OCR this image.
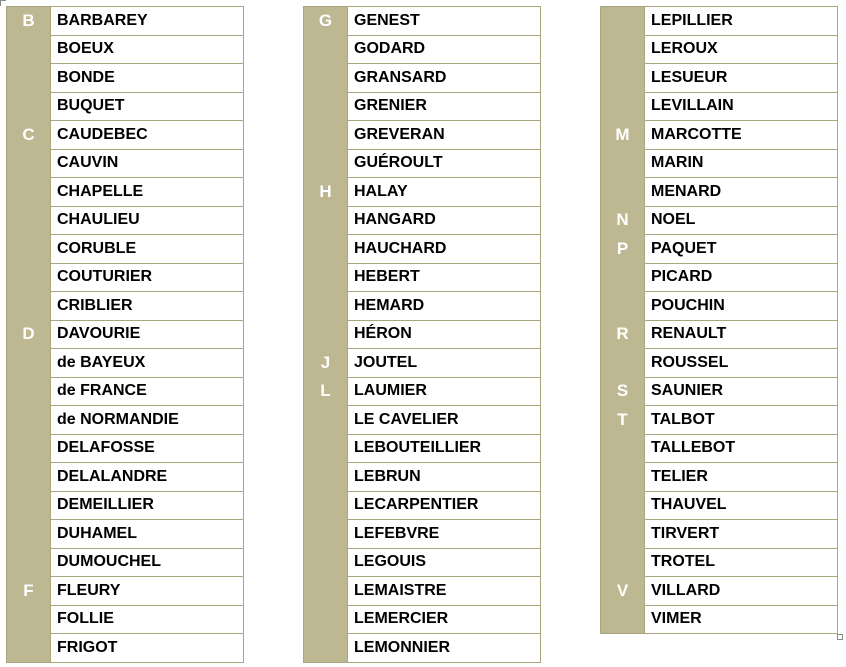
B	BARBAREY
BOEUX
BONDE
BUQUET
C	CAUDEBEC
CAUVIN
CHAPELLE
CHAULIEU
CORUBLE
COUTURIER
CRIBLIER
D	DAVOURIE
de BAYEUX
de FRANCE
de NORMANDIE
DELAFOSSE
DELALANDRE
DEMEILLIER
DUHAMEL
DUMOUCHEL
F	FLEURY
FOLLIE
FRIGOT
G	GENEST
GODARD
GRANSARD
GRENIER
GREVERAN
GUÉROULT
H	HALAY
HANGARD
HAUCHARD
HEBERT
HEMARD
HÉRON
J	JOUTEL
L	LAUMIER
LE CAVELIER
LEBOUTEILLIER
LEBRUN
LECARPENTIER
LEFEBVRE
LEGOUIS
LEMAISTRE
LEMERCIER
LEMONNIER
LEPILLIER
LEROUX
LESUEUR
LEVILLAIN
M	MARCOTTE
MARIN
MENARD
N	NOEL
P	PAQUET
PICARD
POUCHIN
R	RENAULT
ROUSSEL
S	SAUNIER
T	TALBOT
TALLEBOT
TELIER
THAUVEL
TIRVERT
TROTEL
V	VILLARD
VIMER
